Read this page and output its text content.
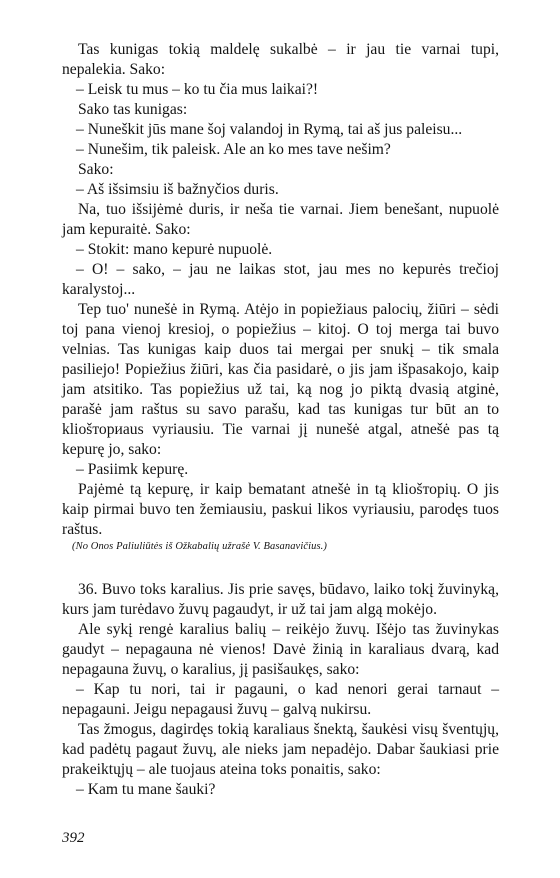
Tas kunigas tokią maldelę sukalbė – ir jau tie varnai tupi, nepalekia. Sako:

– Leisk tu mus – ko tu čia mus laikai?!

Sako tas kunigas:

– Nuneškit jūs mane šoj valandoj in Rymą, tai aš jus paleisu...

– Nunešim, tik paleisk. Ale an ko mes tave nešim?

Sako:

– Aš išsimsiu iš bažnyčios duris.

Na, tuo išsijėmė duris, ir neša tie varnai. Jiem benešant, nupuolė jam kepuraitė. Sako:

– Stokit: mano kepurė nupuolė.

– O! – sako, – jau ne laikas stot, jau mes no kepurės trečioj karalystoj...

Tep tuo' nunešė in Rymą. Atėjo in popiežiaus palocių, žiūri – sėdi toj pana vienoj kresioj, o popiežius – kitoj. O toj merga tai buvo velnias. Tas kunigas kaip duos tai mergai per snukį – tik smala pasiliejo! Popiežius žiūri, kas čia pasidarė, o jis jam išpasakojo, kaip jam atsitiko. Tas popiežius už tai, ką nog jo piktą dvasią atginė, parašė jam raštus su savo parašu, kad tas kunigas tur būt an to kliošториaus vyriausiu. Tie varnai jį nunešė atgal, atnešė pas tą kepurę jo, sako:

– Pasiimk kepurę.

Pajėmė tą kepurę, ir kaip bematant atnešė in tą kliošторių. O jis kaip pirmai buvo ten žemiausiu, paskui likos vyriausiu, parodęs tuos raštus.

(No Onos Paliuliūtės iš Ožkabalių užrašė V. Basanavičius.)

36. Buvo toks karalius. Jis prie savęs, būdavo, laiko tokį žuvinyką, kurs jam turėdavo žuvų pagaudyt, ir už tai jam algą mokėjo.

Ale sykį rengė karalius balių – reikėjo žuvų. Išėjo tas žuvinykas gaudyt – nepagauna nė vienos! Davė žinią in karaliaus dvarą, kad nepagauna žuvų, o karalius, jį pasišaukęs, sako:

– Kap tu nori, tai ir pagauni, o kad nenori gerai tarnaut – nepagauni. Jeigu nepagausi žuvų – galvą nukirsu.

Tas žmogus, dagirdęs tokią karaliaus šnektą, šaukėsi visų šventųjų, kad padėtų pagaut žuvų, ale nieks jam nepadėjo. Dabar šaukiasi prie prakeiktųjų – ale tuojaus ateina toks ponaitis, sako:

– Kam tu mane šauki?

392
